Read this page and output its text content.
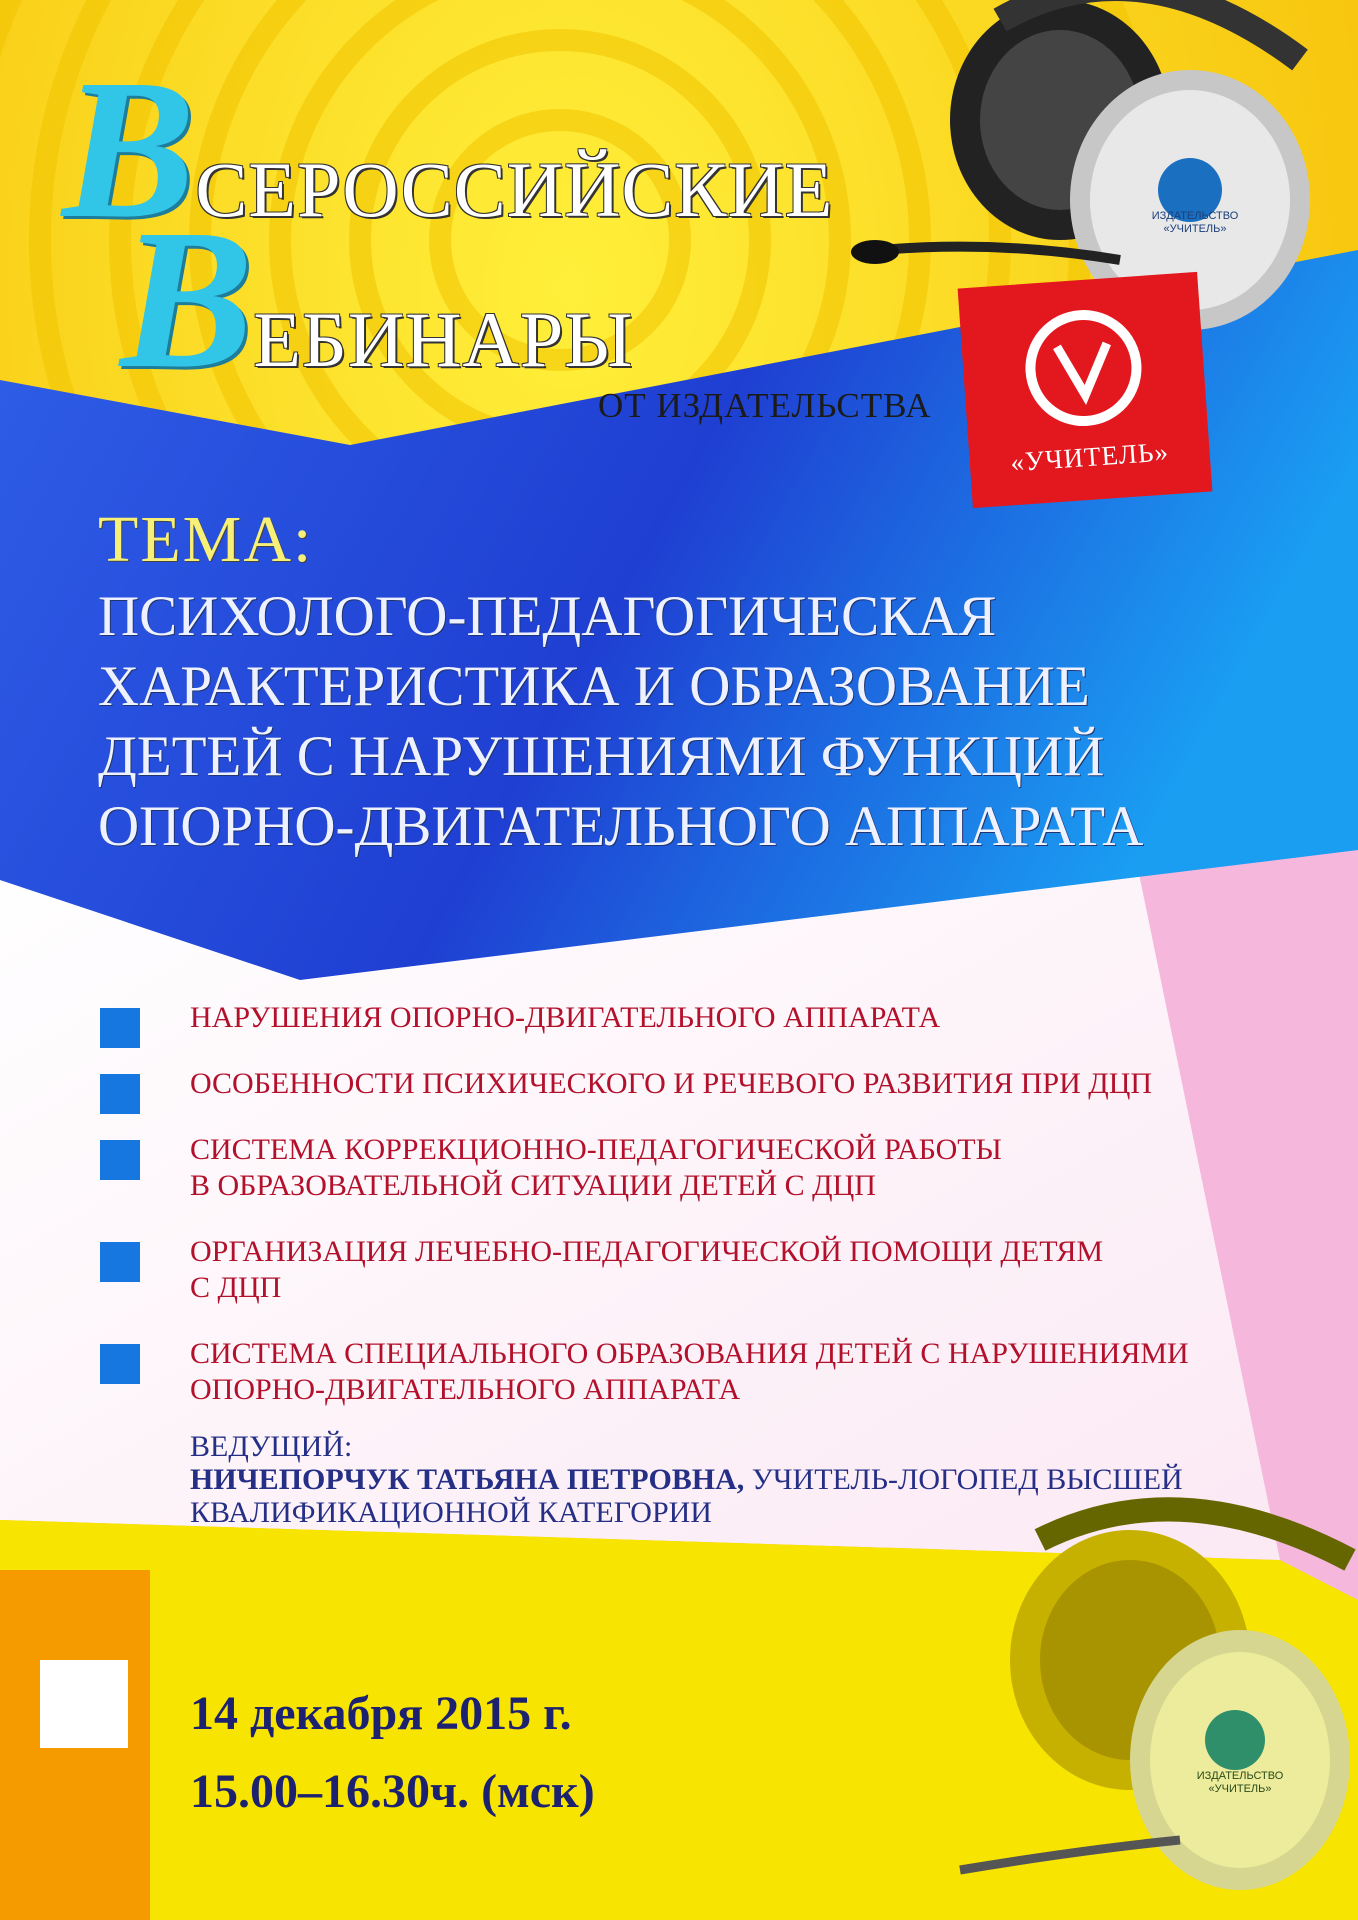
ВСЕРОССИЙСКИЕ
ВЕБИНАРЫ
ОТ ИЗДАТЕЛЬСТВА
«УЧИТЕЛЬ»
ИЗДАТЕЛЬСТВО «УЧИТЕЛЬ»
ИЗДАТЕЛЬСТВО «УЧИТЕЛЬ»
ТЕМА:
ПСИХОЛОГО-ПЕДАГОГИЧЕСКАЯ
ХАРАКТЕРИСТИКА И ОБРАЗОВАНИЕ
ДЕТЕЙ С НАРУШЕНИЯМИ ФУНКЦИЙ
ОПОРНО-ДВИГАТЕЛЬНОГО АППАРАТА
НАРУШЕНИЯ ОПОРНО-ДВИГАТЕЛЬНОГО АППАРАТА
ОСОБЕННОСТИ ПСИХИЧЕСКОГО И РЕЧЕВОГО РАЗВИТИЯ ПРИ ДЦП
СИСТЕМА КОРРЕКЦИОННО-ПЕДАГОГИЧЕСКОЙ РАБОТЫ
В ОБРАЗОВАТЕЛЬНОЙ СИТУАЦИИ ДЕТЕЙ С ДЦП
ОРГАНИЗАЦИЯ ЛЕЧЕБНО-ПЕДАГОГИЧЕСКОЙ ПОМОЩИ ДЕТЯМ
С ДЦП
СИСТЕМА СПЕЦИАЛЬНОГО ОБРАЗОВАНИЯ ДЕТЕЙ С НАРУШЕНИЯМИ
ОПОРНО-ДВИГАТЕЛЬНОГО АППАРАТА
ВЕДУЩИЙ:
НИЧЕПОРЧУК ТАТЬЯНА ПЕТРОВНА, УЧИТЕЛЬ-ЛОГОПЕД ВЫСШЕЙ КВАЛИФИКАЦИОННОЙ КАТЕГОРИИ
14 декабря 2015 г.
15.00–16.30ч. (мск)
